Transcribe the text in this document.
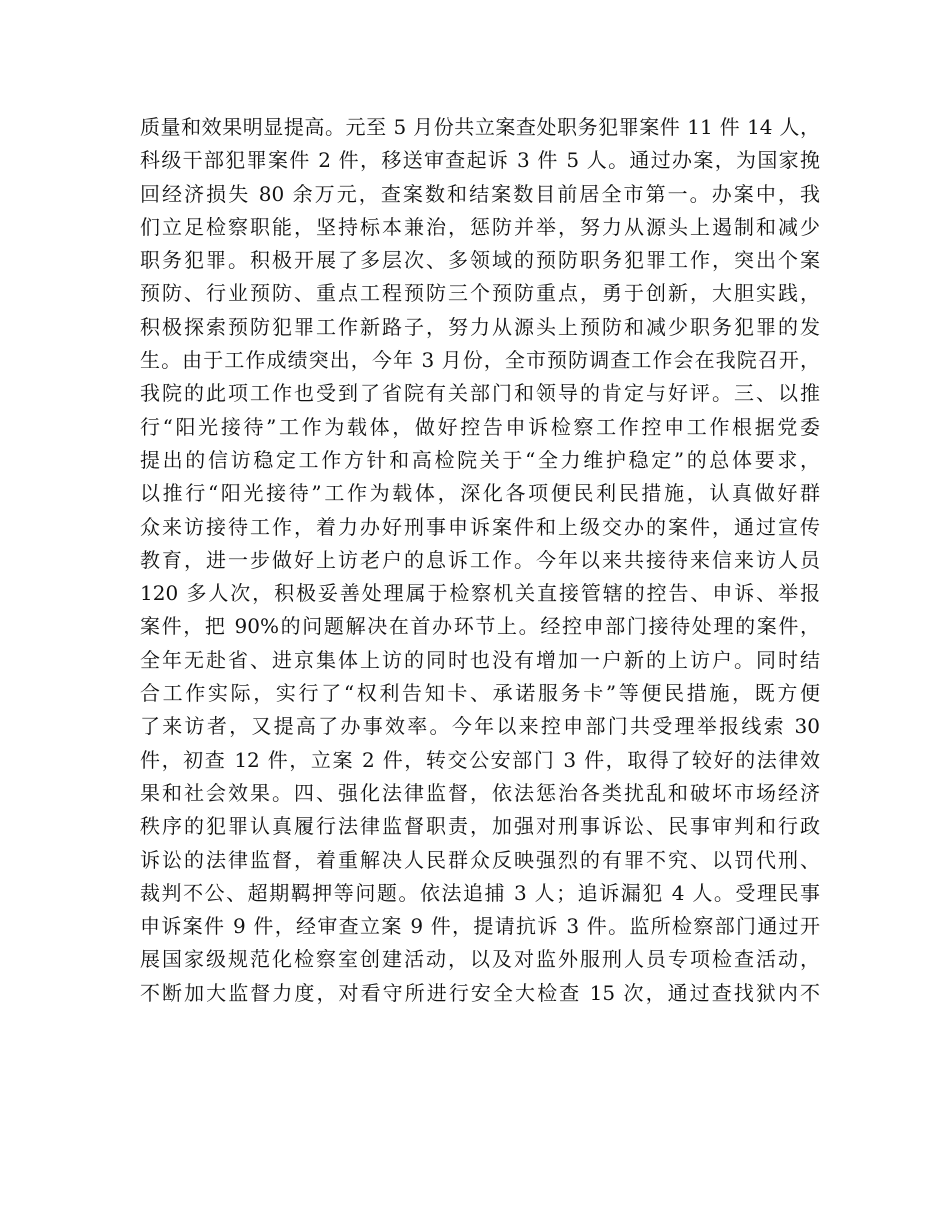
质量和效果明显提高。元至 5 月份共立案查处职务犯罪案件 11 件 14 人，
科级干部犯罪案件 2 件，移送审查起诉 3 件 5 人。通过办案，为国家挽
回经济损失 80 余万元，查案数和结案数目前居全市第一。办案中，我
们立足检察职能，坚持标本兼治，惩防并举，努力从源头上遏制和减少
职务犯罪。积极开展了多层次、多领域的预防职务犯罪工作，突出个案
预防、行业预防、重点工程预防三个预防重点，勇于创新，大胆实践，
积极探索预防犯罪工作新路子，努力从源头上预防和减少职务犯罪的发
生。由于工作成绩突出，今年 3 月份，全市预防调查工作会在我院召开，
我院的此项工作也受到了省院有关部门和领导的肯定与好评。三、以推
行“阳光接待”工作为载体，做好控告申诉检察工作控申工作根据党委
提出的信访稳定工作方针和高检院关于“全力维护稳定”的总体要求，
以推行“阳光接待”工作为载体，深化各项便民利民措施，认真做好群
众来访接待工作，着力办好刑事申诉案件和上级交办的案件，通过宣传
教育，进一步做好上访老户的息诉工作。今年以来共接待来信来访人员
120 多人次，积极妥善处理属于检察机关直接管辖的控告、申诉、举报
案件，把 90%的问题解决在首办环节上。经控申部门接待处理的案件，
全年无赴省、进京集体上访的同时也没有增加一户新的上访户。同时结
合工作实际，实行了“权利告知卡、承诺服务卡”等便民措施，既方便
了来访者，又提高了办事效率。今年以来控申部门共受理举报线索 30
件，初查 12 件，立案 2 件，转交公安部门 3 件，取得了较好的法律效
果和社会效果。四、强化法律监督，依法惩治各类扰乱和破坏市场经济
秩序的犯罪认真履行法律监督职责，加强对刑事诉讼、民事审判和行政
诉讼的法律监督，着重解决人民群众反映强烈的有罪不究、以罚代刑、
裁判不公、超期羁押等问题。依法追捕 3 人；追诉漏犯 4 人。受理民事
申诉案件 9 件，经审查立案 9 件，提请抗诉 3 件。监所检察部门通过开
展国家级规范化检察室创建活动，以及对监外服刑人员专项检查活动，
不断加大监督力度，对看守所进行安全大检查 15 次，通过查找狱内不
